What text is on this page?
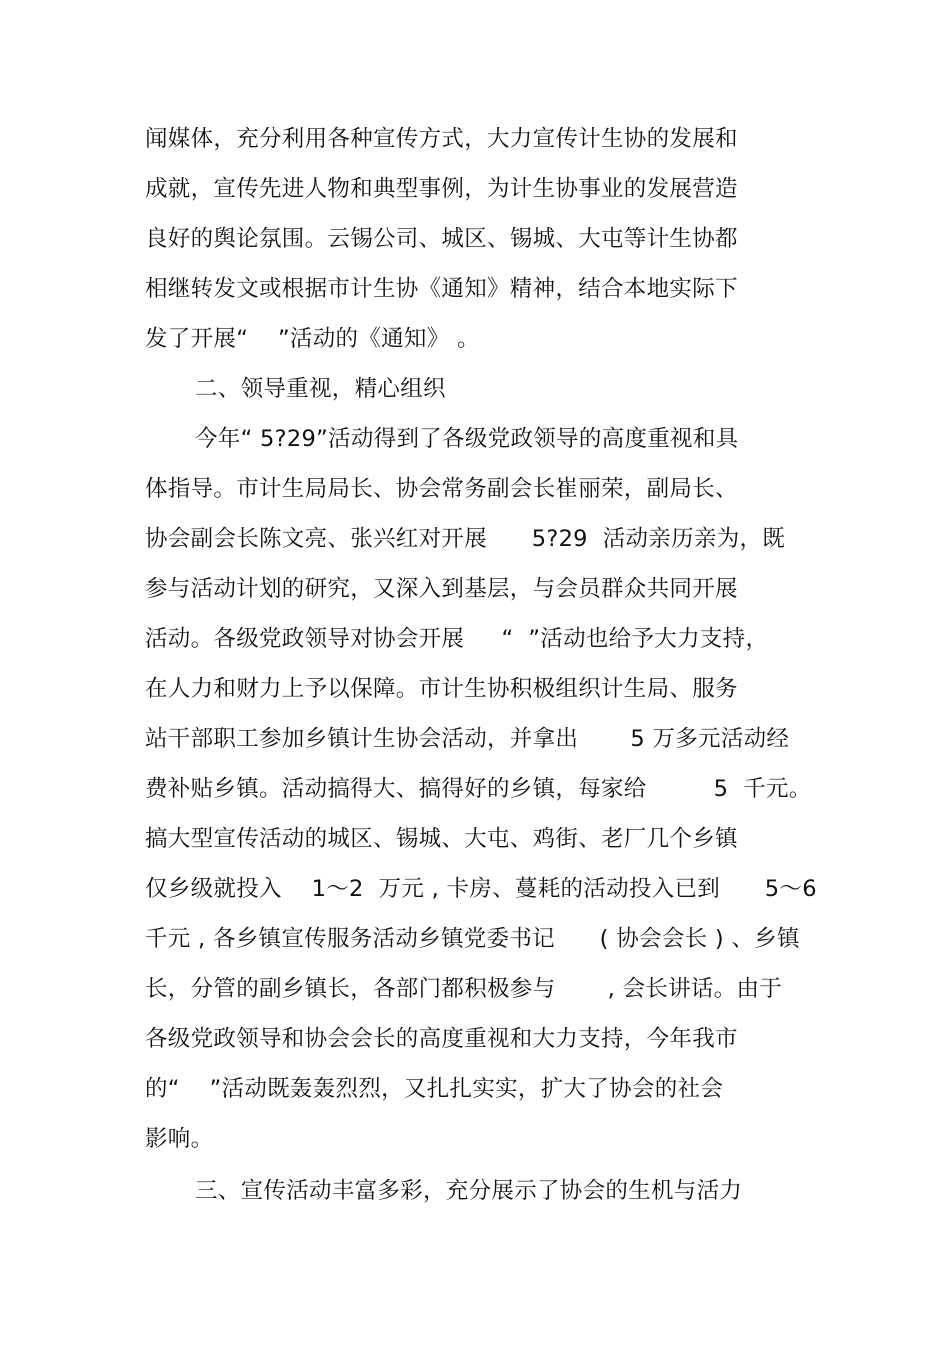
闻媒体，充分利用各种宣传方式，大力宣传计生协的发展和
成就，宣传先进人物和典型事例，为计生协事业的发展营造
良好的舆论氛围。云锡公司、城区、锡城、大屯等计生协都
相继转发文或根据市计生协《通知》精神，结合本地实际下
发了开展“    ”活动的《通知》 。
二、领导重视，精心组织
今年“ 5?29”活动得到了各级党政领导的高度重视和具
体指导。市计生局局长、协会常务副会长崔丽荣，副局长、
协会副会长陈文亮、张兴红对开展      5?29  活动亲历亲为，既
参与活动计划的研究，又深入到基层，与会员群众共同开展
活动。各级党政领导对协会开展     “  ”活动也给予大力支持，
在人力和财力上予以保障。市计生协积极组织计生局、服务
站干部职工参加乡镇计生协会活动，并拿出       5 万多元活动经
费补贴乡镇。活动搞得大、搞得好的乡镇，每家给         5  千元。
搞大型宣传活动的城区、锡城、大屯、鸡街、老厂几个乡镇
仅乡级就投入    1～2  万元 , 卡房、蔓耗的活动投入已到      5～6
千元 , 各乡镇宣传服务活动乡镇党委书记      ( 协会会长 ) 、乡镇
长，分管的副乡镇长，各部门都积极参与       , 会长讲话。由于
各级党政领导和协会会长的高度重视和大力支持，今年我市
的“    ”活动既轰轰烈烈，又扎扎实实，扩大了协会的社会
影响。
三、宣传活动丰富多彩，充分展示了协会的生机与活力
